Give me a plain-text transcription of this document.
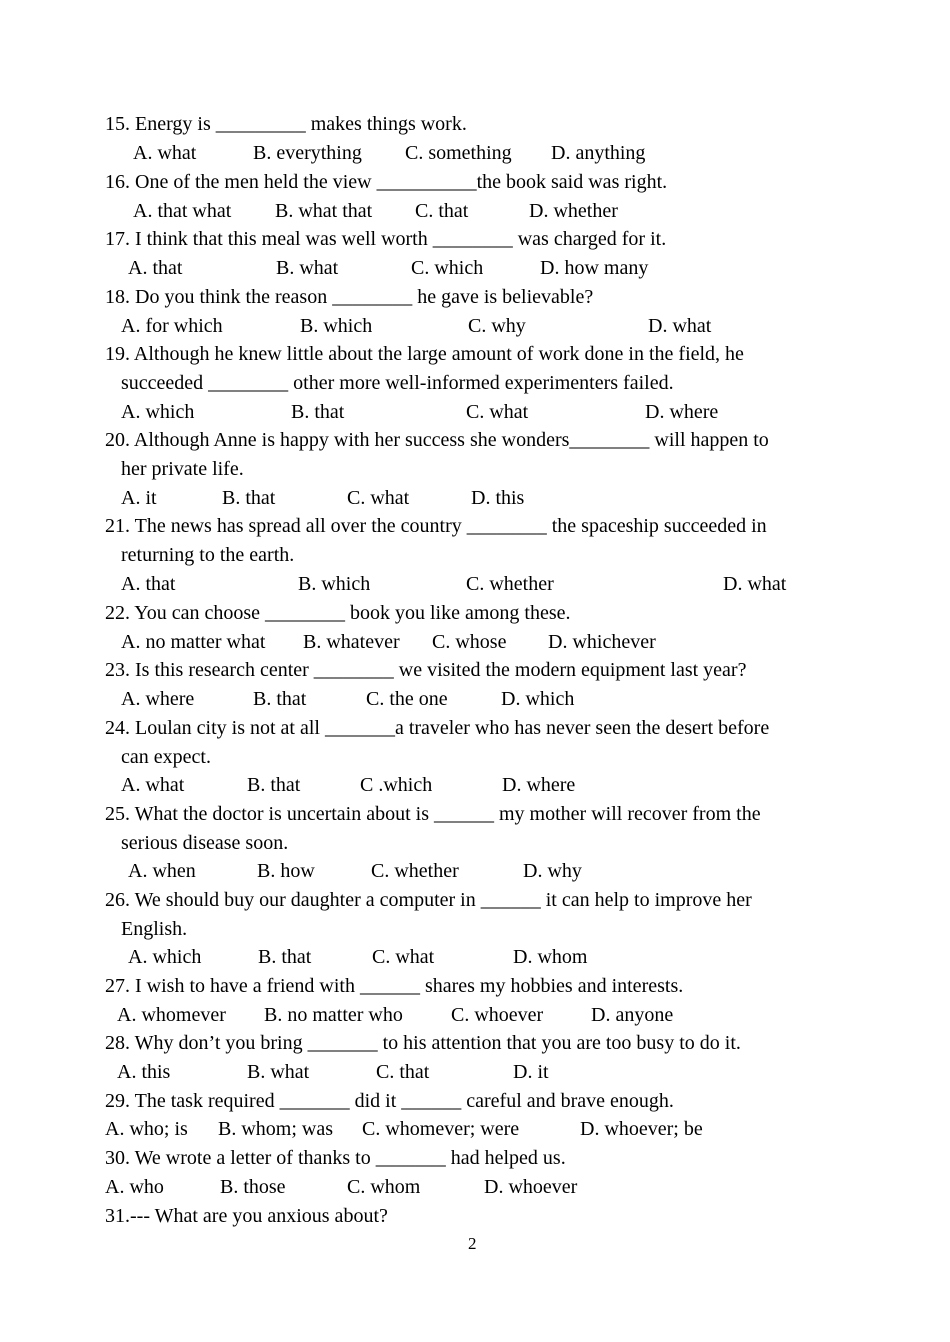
15. Energy is _________ makes things work.
A. what	B. everything C. something D. anything
16. One of the men held the view __________the book said was right.
A. that what B. what that C. that	D. whether
17. I think that this meal was well worth ________ was charged for it.
A. that	B. what	C. which	D. how many
18. Do you think the reason ________ he gave is believable?
A. for which	B. which	C. why	D. what
19. Although he knew little about the large amount of work done in the field, he
succeeded ________ other more well-informed experimenters failed.
A. which	B. that	C. what	D. where
20. Although Anne is happy with her success she wonders________ will happen to
her private life.
A. it	B. that	C. what	D. this
21. The news has spread all over the country ________ the spaceship succeeded in
returning to the earth.
A. that	B. which	C. whether	D. what
22. You can choose ________ book you like among these.
A. no matter what B. whatever C. whose D. whichever
23. Is this research center ________ we visited the modern equipment last year?
A. where	B. that	C. the one	D. which
24. Loulan city is not at all _______a traveler who has never seen the desert before
can expect.
A. what	B. that	C .which	D. where
25. What the doctor is uncertain about is ______ my mother will recover from the
serious disease soon.
A. when	B. how	C. whether	D. why
26. We should buy our daughter a computer in ______ it can help to improve her
English.
A. which	B. that	C. what	D. whom
27. I wish to have a friend with ______ shares my hobbies and interests.
A. whomever B. no matter who C. whoever D. anyone
28. Why don’t you bring _______ to his attention that you are too busy to do it.
A. this	B. what	C. that	D. it
29. The task required _______ did it ______ careful and brave enough.
A. who; is B. whom; was C. whomever; were	D. whoever; be
30. We wrote a letter of thanks to _______ had helped us.
A. who	B. those	C. whom	D. whoever
31.--- What are you anxious about?
2
